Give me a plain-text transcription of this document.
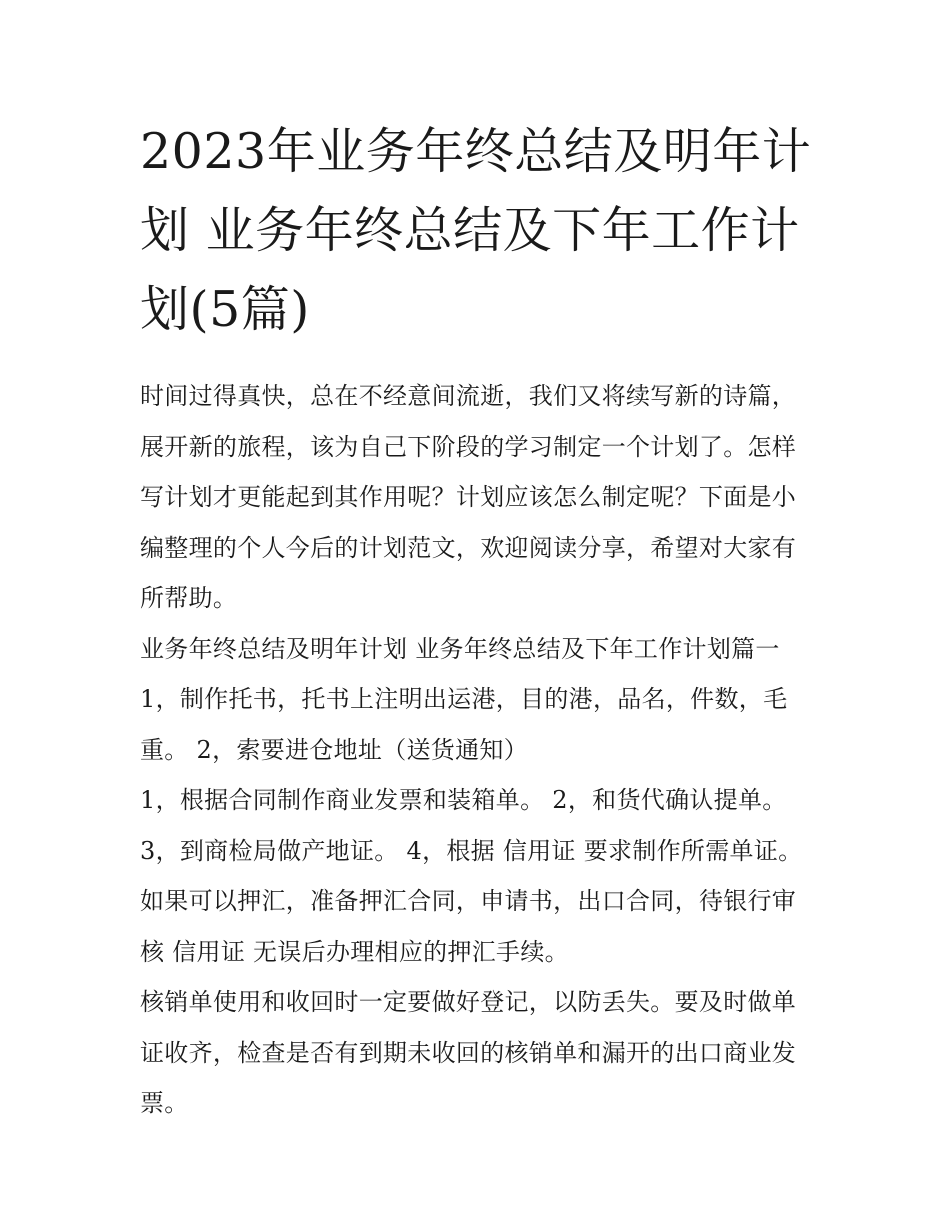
2023年业务年终总结及明年计划 业务年终总结及下年工作计划(5篇)

时间过得真快，总在不经意间流逝，我们又将续写新的诗篇，展开新的旅程，该为自己下阶段的学习制定一个计划了。怎样写计划才更能起到其作用呢？计划应该怎么制定呢？下面是小编整理的个人今后的计划范文，欢迎阅读分享，希望对大家有所帮助。

业务年终总结及明年计划 业务年终总结及下年工作计划篇一

1，制作托书，托书上注明出运港，目的港，品名，件数，毛重。 2，索要进仓地址（送货通知）

1，根据合同制作商业发票和装箱单。 2，和货代确认提单。

3，到商检局做产地证。 4，根据 信用证 要求制作所需单证。如果可以押汇，准备押汇合同，申请书，出口合同，待银行审核 信用证 无误后办理相应的押汇手续。

核销单使用和收回时一定要做好登记，以防丢失。要及时做单证收齐，检查是否有到期未收回的核销单和漏开的出口商业发票。
